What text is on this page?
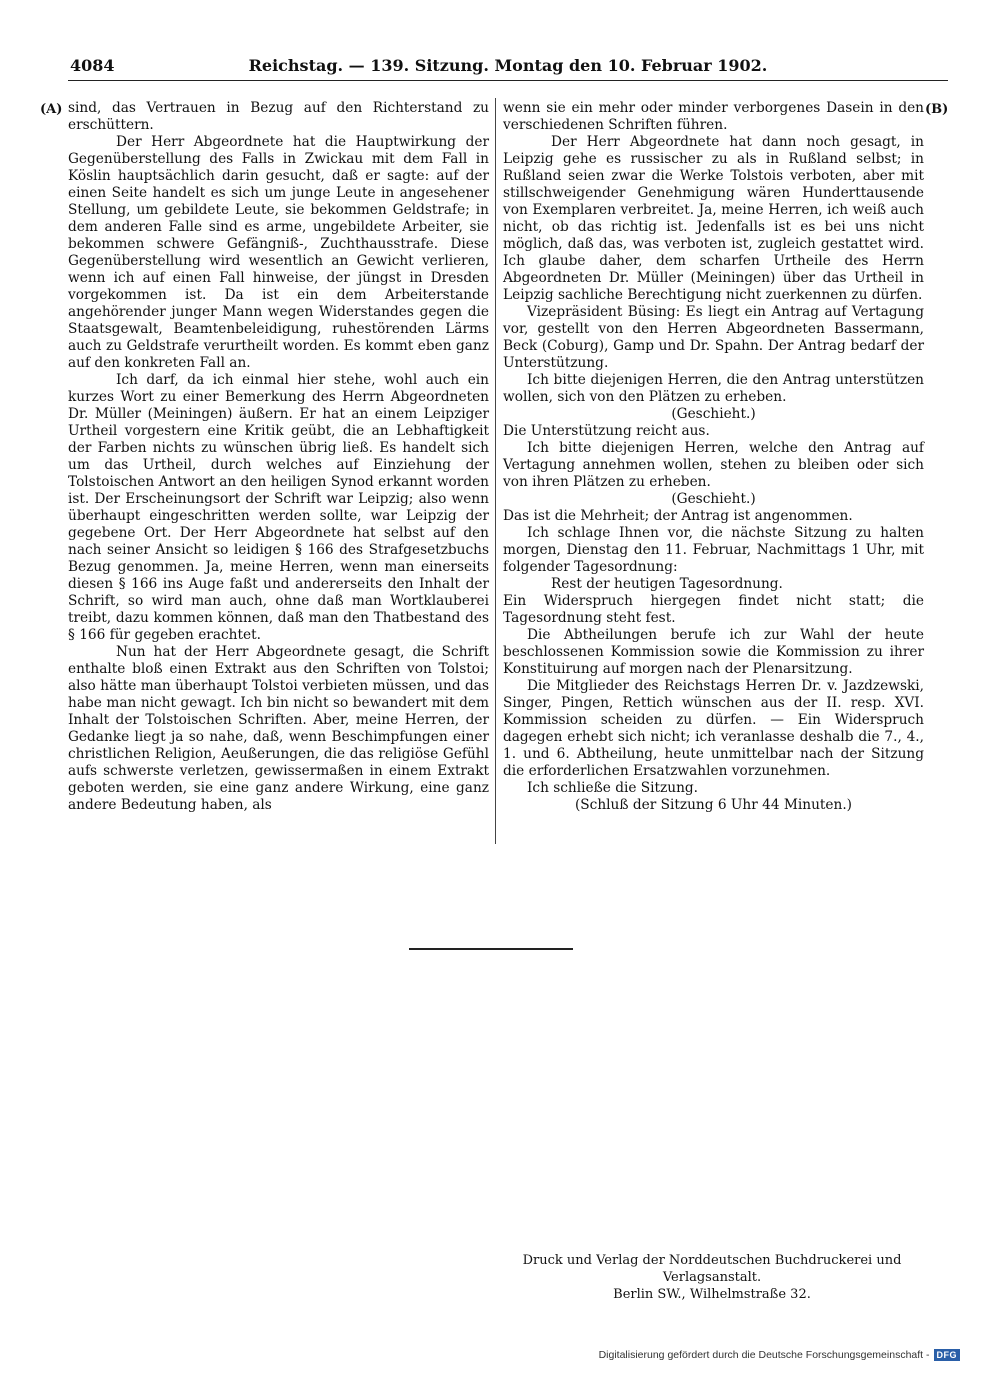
4084	Reichstag. — 139. Sitzung. Montag den 10. Februar 1902.
(A)	(B)

sind, das Vertrauen in Bezug auf den Richterstand zu erschüttern.

Der Herr Abgeordnete hat die Hauptwirkung der Gegenüberstellung des Falls in Zwickau mit dem Fall in Köslin hauptsächlich darin gesucht, daß er sagte: auf der einen Seite handelt es sich um junge Leute in angesehener Stellung, um gebildete Leute, sie bekommen Geldstrafe; in dem anderen Falle sind es arme, ungebildete Arbeiter, sie bekommen schwere Gefängniß-, Zuchthausstrafe. Diese Gegenüberstellung wird wesentlich an Gewicht verlieren, wenn ich auf einen Fall hinweise, der jüngst in Dresden vorgekommen ist. Da ist ein dem Arbeiterstande angehörender junger Mann wegen Widerstandes gegen die Staatsgewalt, Beamtenbeleidigung, ruhestörenden Lärms auch zu Geldstrafe verurtheilt worden. Es kommt eben ganz auf den konkreten Fall an.

Ich darf, da ich einmal hier stehe, wohl auch ein kurzes Wort zu einer Bemerkung des Herrn Abgeordneten Dr. Müller (Meiningen) äußern. Er hat an einem Leipziger Urtheil vorgestern eine Kritik geübt, die an Lebhaftigkeit der Farben nichts zu wünschen übrig ließ. Es handelt sich um das Urtheil, durch welches auf Einziehung der Tolstoischen Antwort an den heiligen Synod erkannt worden ist. Der Erscheinungsort der Schrift war Leipzig; also wenn überhaupt eingeschritten werden sollte, war Leipzig der gegebene Ort. Der Herr Abgeordnete hat selbst auf den nach seiner Ansicht so leidigen § 166 des Strafgesetzbuchs Bezug genommen. Ja, meine Herren, wenn man einerseits diesen § 166 ins Auge faßt und andererseits den Inhalt der Schrift, so wird man auch, ohne daß man Wortklauberei treibt, dazu kommen können, daß man den Thatbestand des § 166 für gegeben erachtet.

Nun hat der Herr Abgeordnete gesagt, die Schrift enthalte bloß einen Extrakt aus den Schriften von Tolstoi; also hätte man überhaupt Tolstoi verbieten müssen, und das habe man nicht gewagt. Ich bin nicht so bewandert mit dem Inhalt der Tolstoischen Schriften. Aber, meine Herren, der Gedanke liegt ja so nahe, daß, wenn Beschimpfungen einer christlichen Religion, Aeußerungen, die das religiöse Gefühl aufs schwerste verletzen, gewissermaßen in einem Extrakt geboten werden, sie eine ganz andere Wirkung, eine ganz andere Bedeutung haben, als

wenn sie ein mehr oder minder verborgenes Dasein in den verschiedenen Schriften führen.

Der Herr Abgeordnete hat dann noch gesagt, in Leipzig gehe es russischer zu als in Rußland selbst; in Rußland seien zwar die Werke Tolstois verboten, aber mit stillschweigender Genehmigung wären Hunderttausende von Exemplaren verbreitet. Ja, meine Herren, ich weiß auch nicht, ob das richtig ist. Jedenfalls ist es bei uns nicht möglich, daß das, was verboten ist, zugleich gestattet wird. Ich glaube daher, dem scharfen Urtheile des Herrn Abgeordneten Dr. Müller (Meiningen) über das Urtheil in Leipzig sachliche Berechtigung nicht zuerkennen zu dürfen.

Vizepräsident Büsing: Es liegt ein Antrag auf Vertagung vor, gestellt von den Herren Abgeordneten Bassermann, Beck (Coburg), Gamp und Dr. Spahn. Der Antrag bedarf der Unterstützung.

Ich bitte diejenigen Herren, die den Antrag unterstützen wollen, sich von den Plätzen zu erheben.

(Geschieht.)

Die Unterstützung reicht aus.

Ich bitte diejenigen Herren, welche den Antrag auf Vertagung annehmen wollen, stehen zu bleiben oder sich von ihren Plätzen zu erheben.

(Geschieht.)

Das ist die Mehrheit; der Antrag ist angenommen.

Ich schlage Ihnen vor, die nächste Sitzung zu halten morgen, Dienstag den 11. Februar, Nachmittags 1 Uhr, mit folgender Tagesordnung:

Rest der heutigen Tagesordnung.

Ein Widerspruch hiergegen findet nicht statt; die Tagesordnung steht fest.

Die Abtheilungen berufe ich zur Wahl der heute beschlossenen Kommission sowie die Kommission zu ihrer Konstituirung auf morgen nach der Plenarsitzung.

Die Mitglieder des Reichstags Herren Dr. v. Jazdzewski, Singer, Pingen, Rettich wünschen aus der II. resp. XVI. Kommission scheiden zu dürfen. — Ein Widerspruch dagegen erhebt sich nicht; ich veranlasse deshalb die 7., 4., 1. und 6. Abtheilung, heute unmittelbar nach der Sitzung die erforderlichen Ersatzwahlen vorzunehmen.

Ich schließe die Sitzung.

(Schluß der Sitzung 6 Uhr 44 Minuten.)

Druck und Verlag der Norddeutschen Buchdruckerei und Verlagsanstalt.

Berlin SW., Wilhelmstraße 32.

Digitalisierung gefördert durch die Deutsche Forschungsgemeinschaft - DFG
